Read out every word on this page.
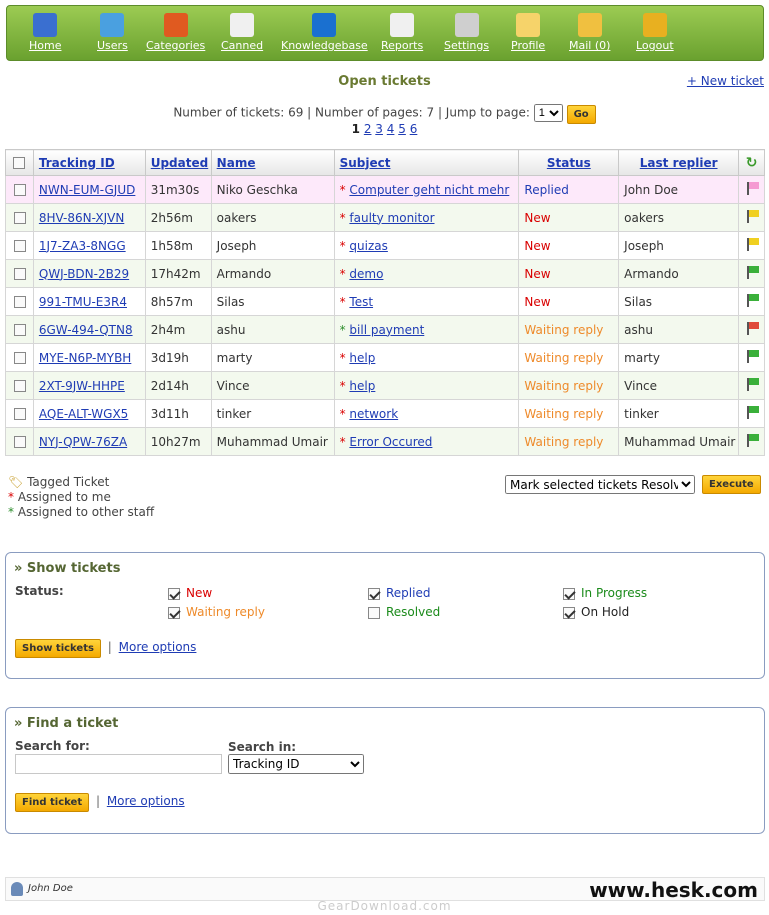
Home	Users Categories Canned Knowledgebase Reports Settings Profile Mail (0) Logout
Open tickets	+ New ticket
Number of tickets: 69 | Number of pages: 7 | Jump to page:
1	Go
1 2 3 4 5 6
	Tracking ID	Updated	Name	Subject	Status	Last replier	↻
	NWN-EUM-GJUD	31m30s	Niko Geschka	* Computer geht nicht mehr	Replied	John Doe	
	8HV-86N-XJVN	2h56m	oakers	* faulty monitor	New	oakers	
	1J7-ZA3-8NGG	1h58m	Joseph	* quizas	New	Joseph	
	QWJ-BDN-2B29	17h42m	Armando	* demo	New	Armando	
	991-TMU-E3R4	8h57m	Silas	* Test	New	Silas	
	6GW-494-QTN8	2h4m	ashu	* bill payment	Waiting reply	ashu	
	MYE-N6P-MYBH	3d19h	marty	* help	Waiting reply	marty	
	2XT-9JW-HHPE	2d14h	Vince	* help	Waiting reply	Vince	
	AQE-ALT-WGX5	3d11h	tinker	* network	Waiting reply	tinker	
	NYJ-QPW-76ZA	10h27m	Muhammad Umair	* Error Occured	Waiting reply	Muhammad Umair	
🏷 Tagged Ticket
* Assigned to me
* Assigned to other staff
Mark selected tickets Resolved
Execute
» Show tickets
Status:	New	Replied	In Progress
Waiting reply	Resolved	On Hold
Show tickets | More options
» Find a ticket
Search for:	Search in:
Tracking ID
Find ticket | More options
John Doe	www.hesk.com
GearDownload.com
